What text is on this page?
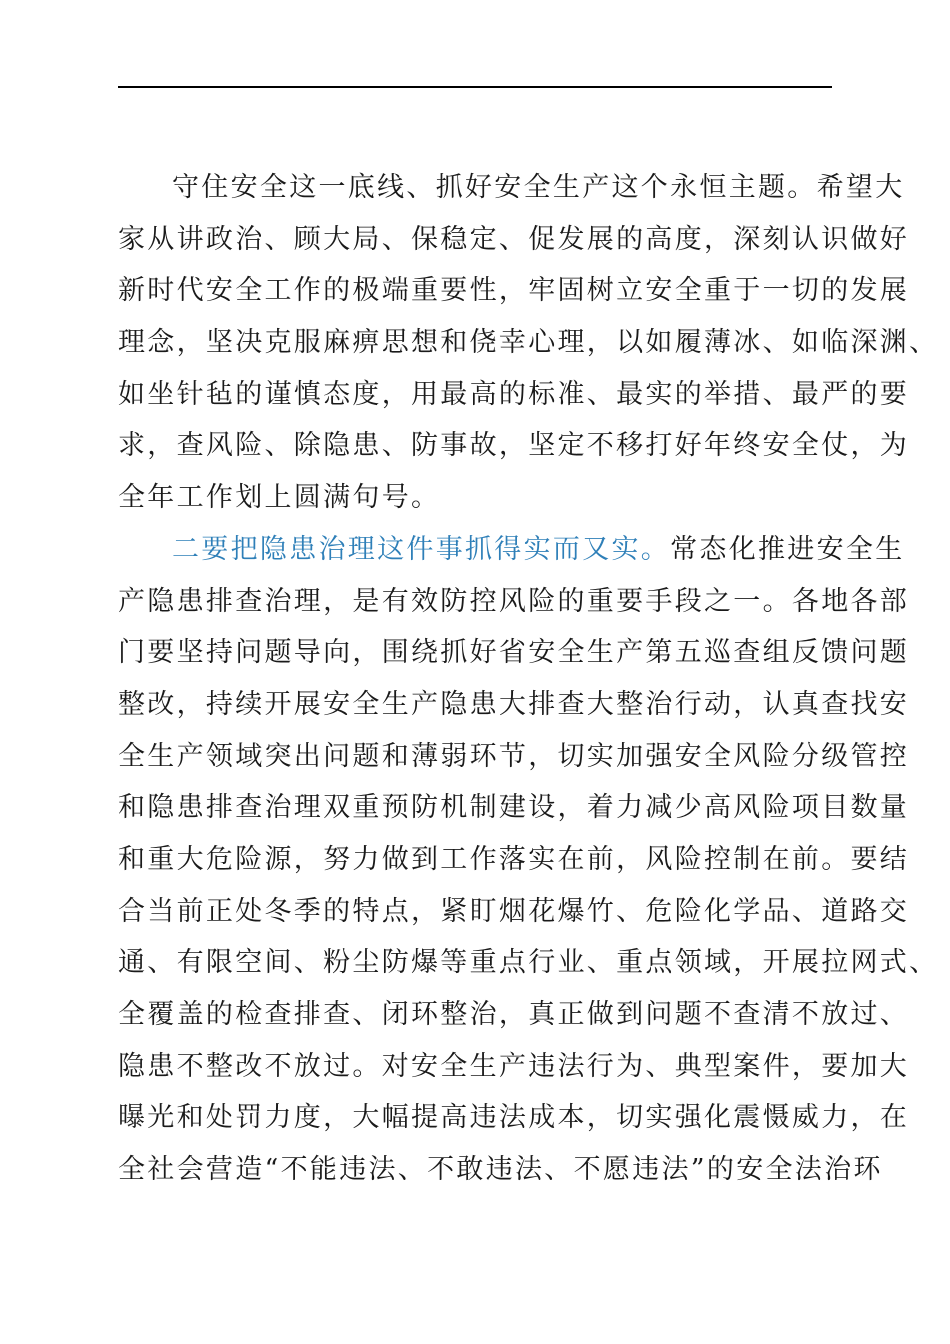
守住安全这一底线、抓好安全生产这个永恒主题。希望大
家从讲政治、顾大局、保稳定、促发展的高度，深刻认识做好
新时代安全工作的极端重要性，牢固树立安全重于一切的发展
理念，坚决克服麻痹思想和侥幸心理，以如履薄冰、如临深渊、
如坐针毡的谨慎态度，用最高的标准、最实的举措、最严的要
求，查风险、除隐患、防事故，坚定不移打好年终安全仗，为
全年工作划上圆满句号。
二要把隐患治理这件事抓得实而又实。常态化推进安全生
产隐患排查治理，是有效防控风险的重要手段之一。各地各部
门要坚持问题导向，围绕抓好省安全生产第五巡查组反馈问题
整改，持续开展安全生产隐患大排查大整治行动，认真查找安
全生产领域突出问题和薄弱环节，切实加强安全风险分级管控
和隐患排查治理双重预防机制建设，着力减少高风险项目数量
和重大危险源，努力做到工作落实在前，风险控制在前。要结
合当前正处冬季的特点，紧盯烟花爆竹、危险化学品、道路交
通、有限空间、粉尘防爆等重点行业、重点领域，开展拉网式、
全覆盖的检查排查、闭环整治，真正做到问题不查清不放过、
隐患不整改不放过。对安全生产违法行为、典型案件，要加大
曝光和处罚力度，大幅提高违法成本，切实强化震慑威力，在
全社会营造“不能违法、不敢违法、不愿违法”的安全法治环
